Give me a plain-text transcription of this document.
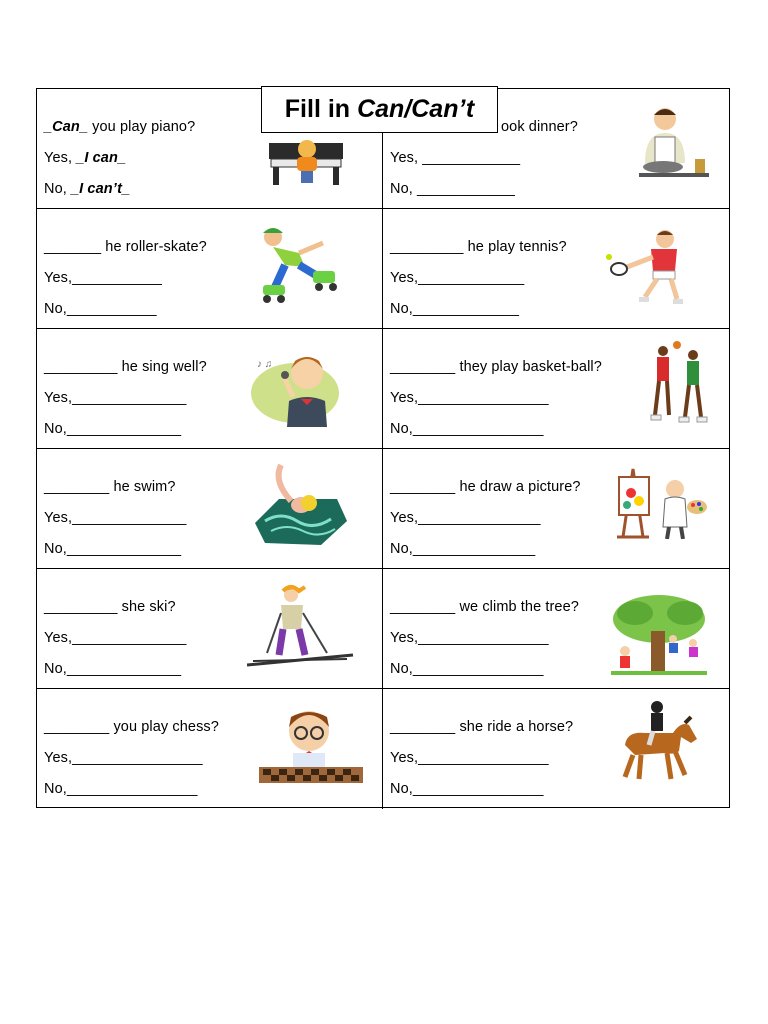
_Can_ you play piano?
Yes, _I can_
No, _I can’t_
ook dinner?
Yes, ____________
No, ____________
_______ he roller-skate?
Yes,___________
No,___________
_________ he play tennis?
Yes,_____________
No,_____________
_________ he sing well?
Yes,______________
No,______________
♪ ♫	________ they play basket-ball?
Yes,________________
No,________________
________ he swim?
Yes,______________
No,______________
________ he draw a picture?
Yes,_______________
No,_______________
_________ she ski?
Yes,______________
No,______________
________ we climb the tree?
Yes,________________
No,________________
________ you play chess?
Yes,________________
No,________________
________ she ride a horse?
Yes,________________
No,________________
Fill in Can/Can’t
